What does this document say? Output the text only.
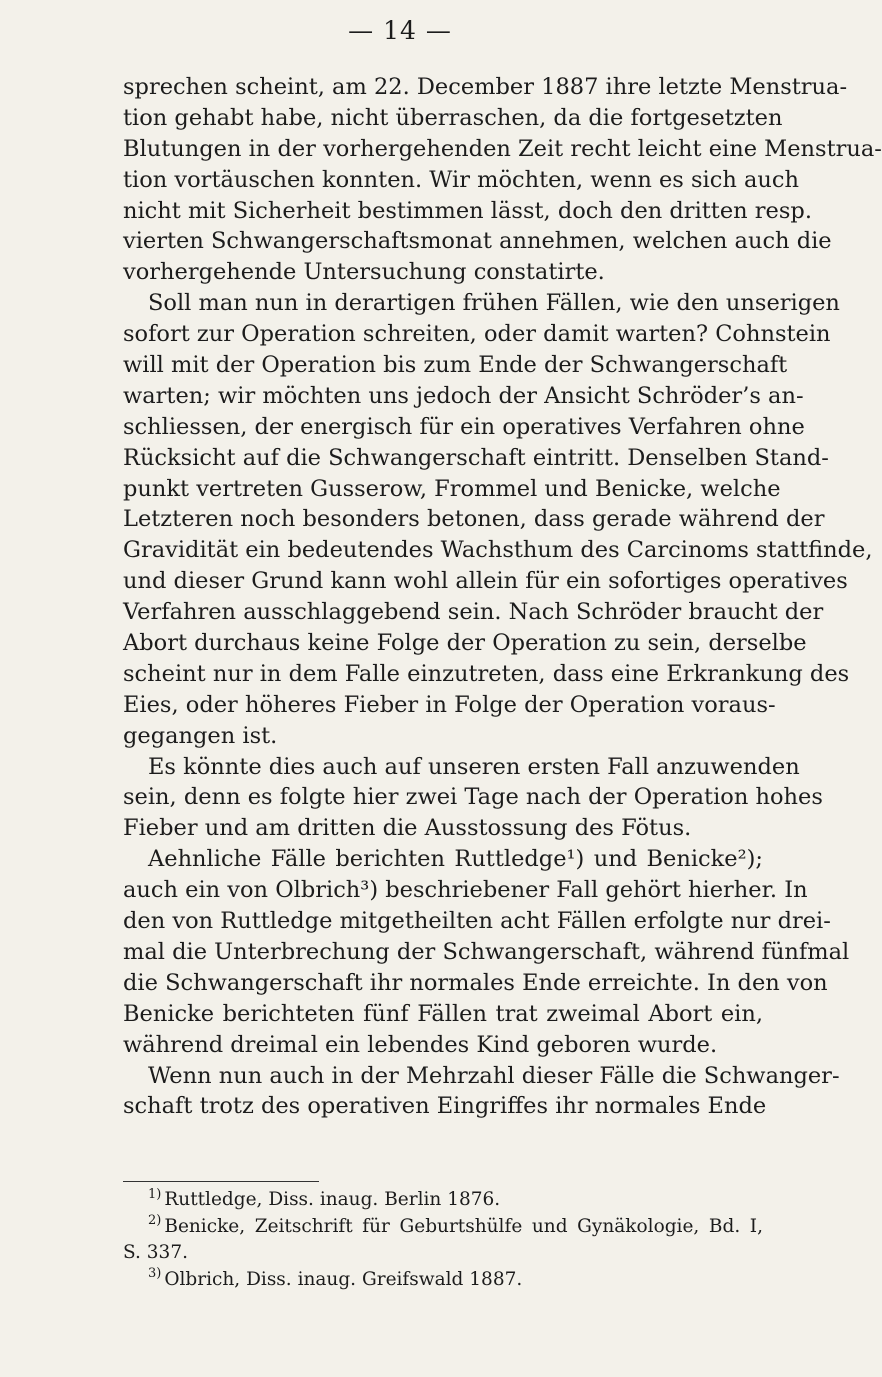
— 14 —
sprechen scheint, am 22. December 1887 ihre letzte Menstrua-
tion gehabt habe, nicht überraschen, da die fortgesetzten
Blutungen in der vorhergehenden Zeit recht leicht eine Menstrua-
tion vortäuschen konnten. Wir möchten, wenn es sich auch
nicht mit Sicherheit bestimmen lässt, doch den dritten resp.
vierten Schwangerschaftsmonat annehmen, welchen auch die
vorhergehende Untersuchung constatirte.
Soll man nun in derartigen frühen Fällen, wie den unserigen
sofort zur Operation schreiten, oder damit warten? Cohnstein
will mit der Operation bis zum Ende der Schwangerschaft
warten; wir möchten uns jedoch der Ansicht Schröder’s an-
schliessen, der energisch für ein operatives Verfahren ohne
Rücksicht auf die Schwangerschaft eintritt. Denselben Stand-
punkt vertreten Gusserow, Frommel und Benicke, welche
Letzteren noch besonders betonen, dass gerade während der
Gravidität ein bedeutendes Wachsthum des Carcinoms stattfinde,
und dieser Grund kann wohl allein für ein sofortiges operatives
Verfahren ausschlaggebend sein. Nach Schröder braucht der
Abort durchaus keine Folge der Operation zu sein, derselbe
scheint nur in dem Falle einzutreten, dass eine Erkrankung des
Eies, oder höheres Fieber in Folge der Operation voraus-
gegangen ist.
Es könnte dies auch auf unseren ersten Fall anzuwenden
sein, denn es folgte hier zwei Tage nach der Operation hohes
Fieber und am dritten die Ausstossung des Fötus.
Aehnliche Fälle berichten Ruttledge¹) und Benicke²);
auch ein von Olbrich³) beschriebener Fall gehört hierher. In
den von Ruttledge mitgetheilten acht Fällen erfolgte nur drei-
mal die Unterbrechung der Schwangerschaft, während fünfmal
die Schwangerschaft ihr normales Ende erreichte. In den von
Benicke berichteten fünf Fällen trat zweimal Abort ein,
während dreimal ein lebendes Kind geboren wurde.
Wenn nun auch in der Mehrzahl dieser Fälle die Schwanger-
schaft trotz des operativen Eingriffes ihr normales Ende
$^{1)}$ Ruttledge, Diss. inaug. Berlin 1876.
$^{2)}$ Benicke, Zeitschrift für Geburtshülfe und Gynäkologie, Bd. I,
S. 337.
$^{3)}$ Olbrich, Diss. inaug. Greifswald 1887.
